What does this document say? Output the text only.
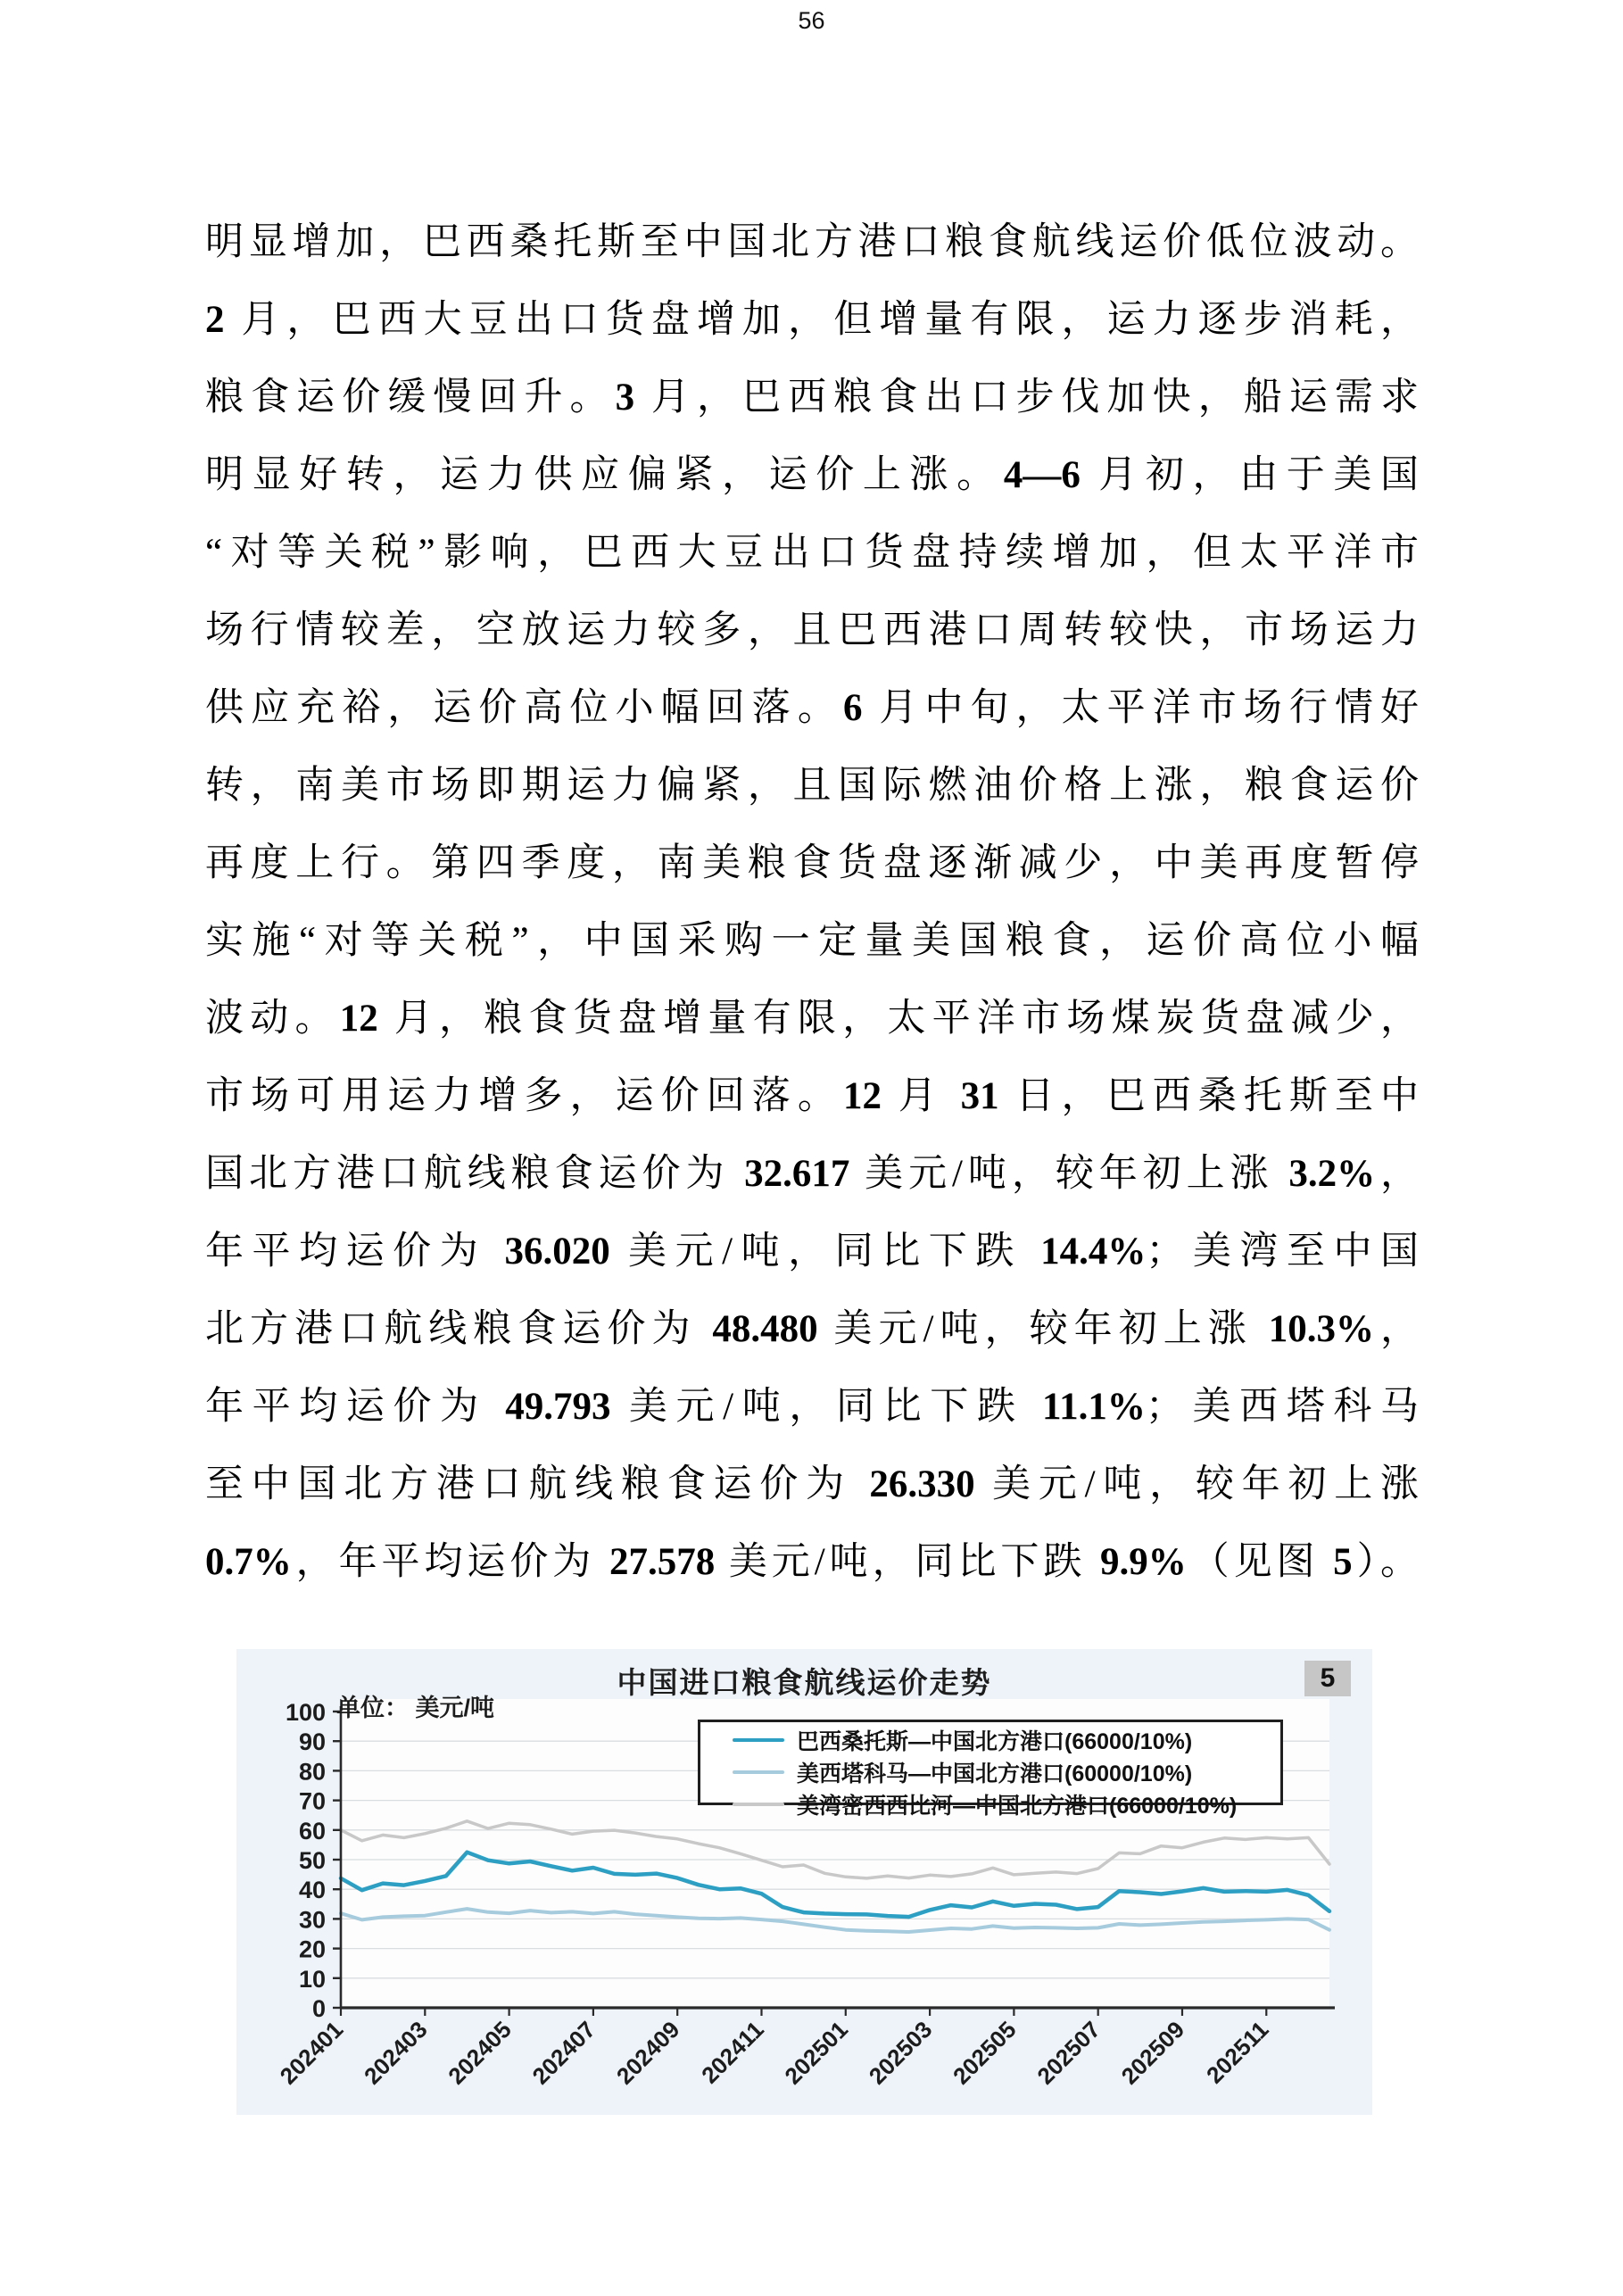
56
明显增加，巴西桑托斯至中国北方港口粮食航线运价低位波动。
2 月，巴西大豆出口货盘增加，但增量有限，运力逐步消耗，
粮食运价缓慢回升。3 月，巴西粮食出口步伐加快，船运需求
明显好转，运力供应偏紧，运价上涨。4—6 月初，由于美国
“对等关税”影响，巴西大豆出口货盘持续增加，但太平洋市
场行情较差，空放运力较多，且巴西港口周转较快，市场运力
供应充裕，运价高位小幅回落。6 月中旬，太平洋市场行情好
转，南美市场即期运力偏紧，且国际燃油价格上涨，粮食运价
再度上行。第四季度，南美粮食货盘逐渐减少，中美再度暂停
实施“对等关税”，中国采购一定量美国粮食，运价高位小幅
波动。12 月，粮食货盘增量有限，太平洋市场煤炭货盘减少，
市场可用运力增多，运价回落。12 月 31 日，巴西桑托斯至中
国北方港口航线粮食运价为 32.617 美元/吨，较年初上涨 3.2%，
年平均运价为 36.020 美元/吨，同比下跌 14.4%；美湾至中国
北方港口航线粮食运价为 48.480 美元/吨，较年初上涨 10.3%，
年平均运价为 49.793 美元/吨，同比下跌 11.1%；美西塔科马
至中国北方港口航线粮食运价为 26.330 美元/吨，较年初上涨
0.7%，年平均运价为 27.578 美元/吨，同比下跌 9.9%（见图 5）。
0
10
20
30
40
50
60
70
80
90
100
202401 202403 202405 202407 202409 202411 202501 202503 202505 202507 202509 202511
中国进口粮食航线运价走势	5
单位： 美元/吨
巴西桑托斯—中国北方港口(66000/10%)
美西塔科马—中国北方港口(60000/10%)
美湾密西西比河—中国北方港口(66000/10%)
